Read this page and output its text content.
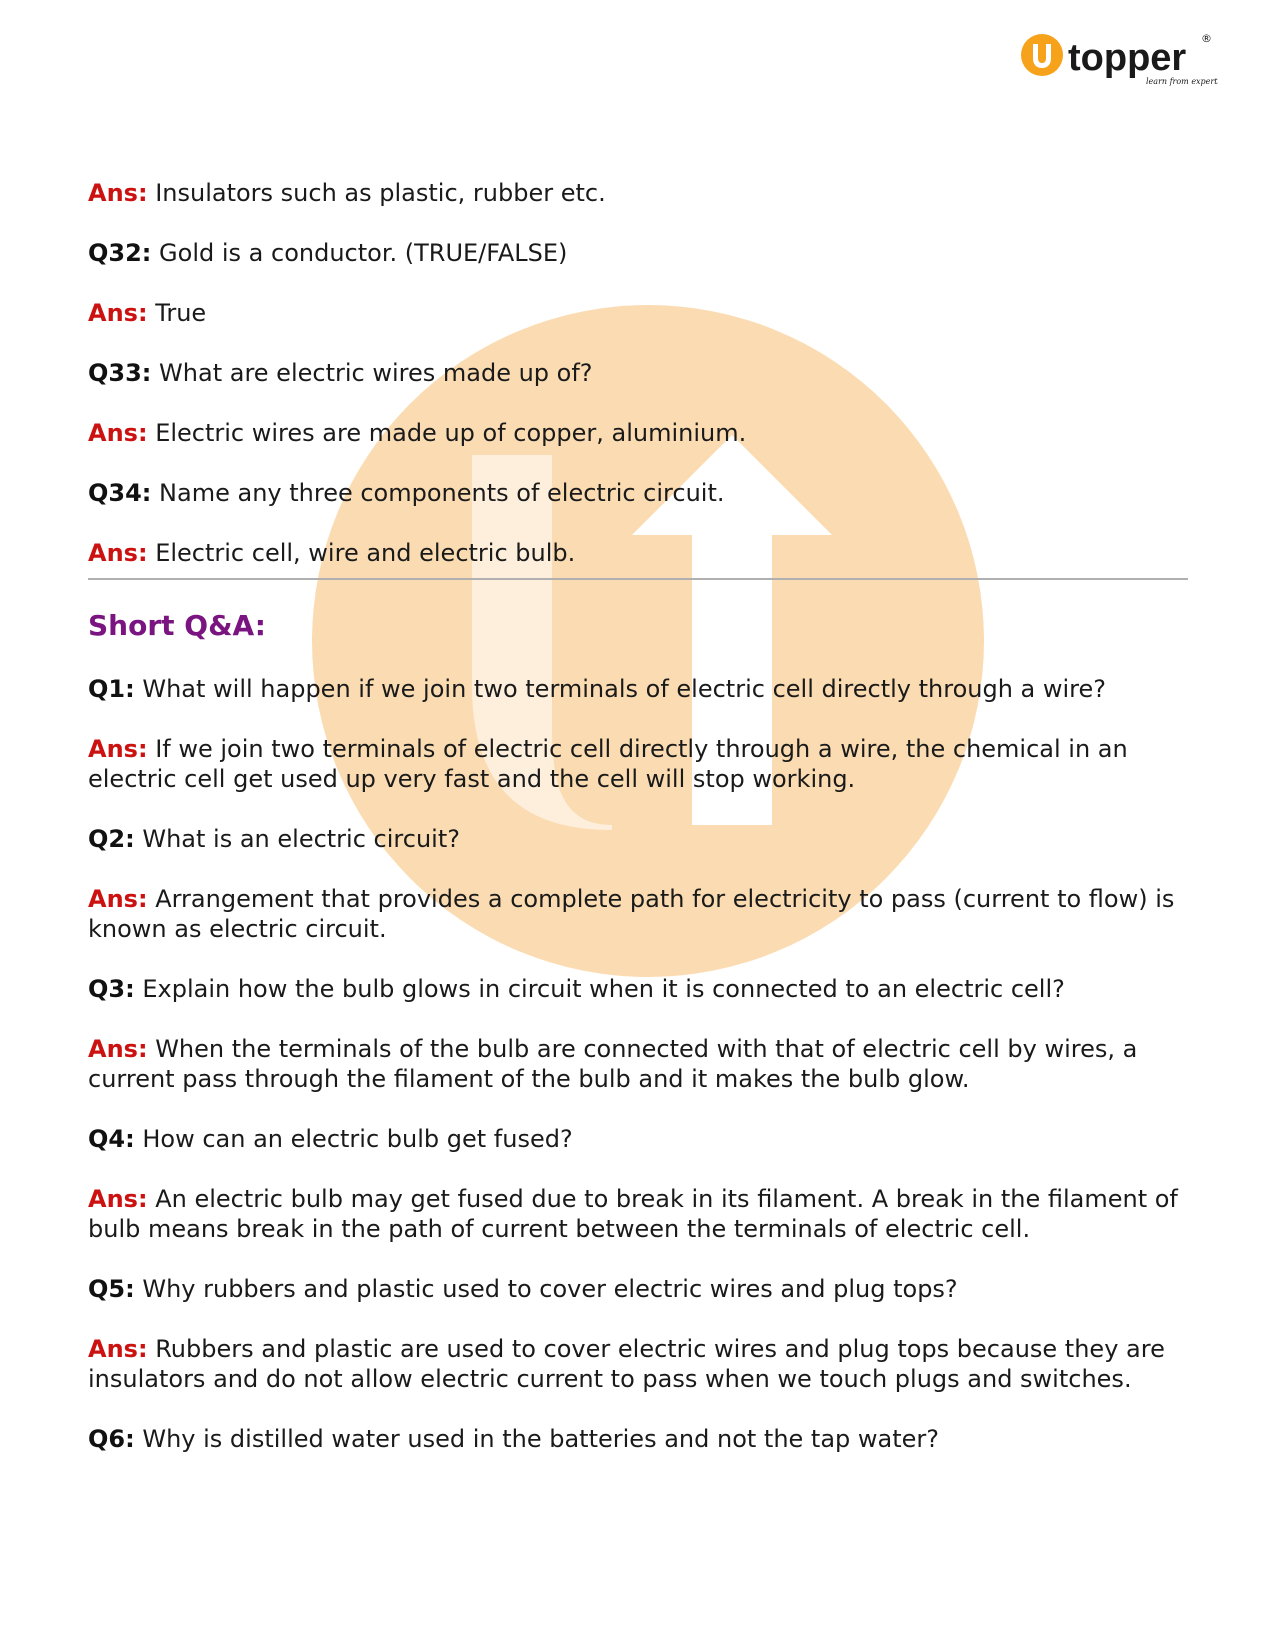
topper ®
learn from experts

Ans: Insulators such as plastic, rubber etc.

Q32: Gold is a conductor. (TRUE/FALSE)

Ans: True

Q33: What are electric wires made up of?

Ans: Electric wires are made up of copper, aluminium.

Q34: Name any three components of electric circuit.

Ans: Electric cell, wire and electric bulb.

Short Q&A:

Q1: What will happen if we join two terminals of electric cell directly through a wire?

Ans: If we join two terminals of electric cell directly through a wire, the chemical in an electric cell get used up very fast and the cell will stop working.

Q2: What is an electric circuit?

Ans: Arrangement that provides a complete path for electricity to pass (current to flow) is known as electric circuit.

Q3: Explain how the bulb glows in circuit when it is connected to an electric cell?

Ans: When the terminals of the bulb are connected with that of electric cell by wires, a current pass through the filament of the bulb and it makes the bulb glow.

Q4: How can an electric bulb get fused?

Ans: An electric bulb may get fused due to break in its filament. A break in the filament of bulb means break in the path of current between the terminals of electric cell.

Q5: Why rubbers and plastic used to cover electric wires and plug tops?

Ans: Rubbers and plastic are used to cover electric wires and plug tops because they are insulators and do not allow electric current to pass when we touch plugs and switches.

Q6: Why is distilled water used in the batteries and not the tap water?
